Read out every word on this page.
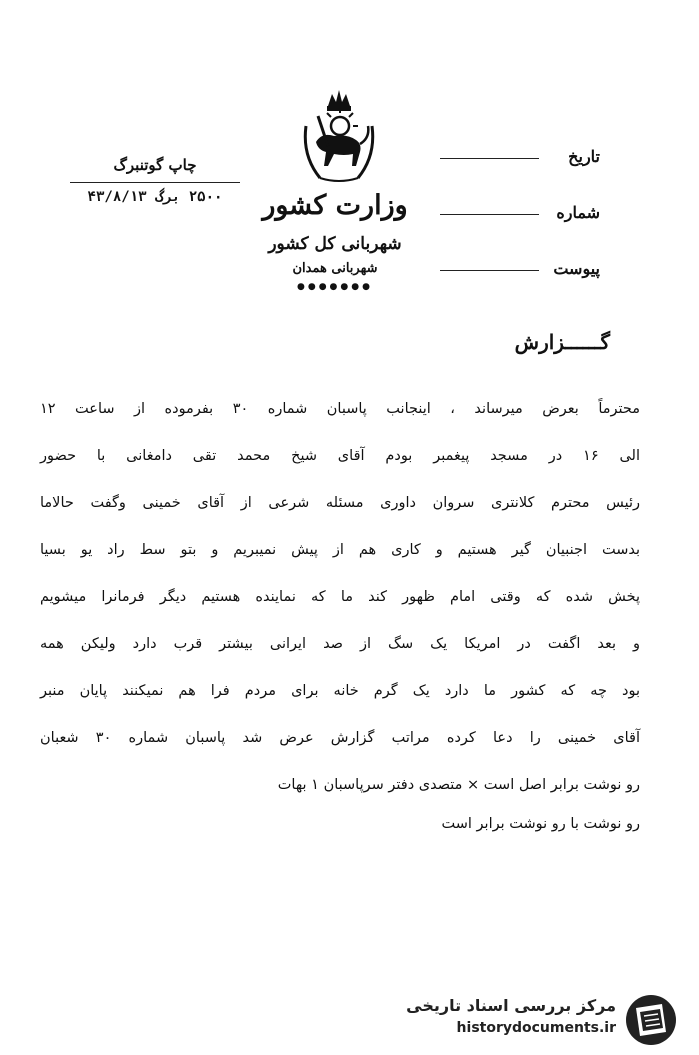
چاپ گوتنبرگ
۲۵۰۰ برگ ۴۳/۸/۱۳	وزارت کشور
شهربانی کل کشور
شهربانی همدان
●●●●●●●
تاریخ
شماره
پیوست
گــــــزارش
محترماً بعرض میرساند ، اینجانب پاسبان شماره ۳۰ بفرموده از ساعت ۱۲
الی ۱۶ در مسجد پیغمبر بودم آقای شیخ محمد تقی دامغانی با حضور
رئیس محترم کلانتری سروان داوری مسئله شرعی از آقای خمینی وگفت حالاما
بدست اجنبیان گیر هستیم و کاری هم از پیش نمیبریم و بتو سط راد یو بسیا
پخش شده که وقتی امام ظهور کند ما که نماینده هستیم دیگر فرمانرا میشویم
و بعد اگفت در امریکا یک سگ از صد ایرانی بیشتر قرب دارد ولیکن همه
بود چه که کشور ما دارد یک گرم خانه برای مردم فرا هم نمیکنند پایان منبر
آقای خمینی را دعا کرده مراتب گزارش عرض شد پاسبان شماره ۳۰ شعبان
رو نوشت برابر اصل است × متصدی دفتر سرپاسبان ۱ بهات
رو نوشت با رو نوشت برابر است
مرکز بررسی اسناد تاریخی
historydocuments.ir
